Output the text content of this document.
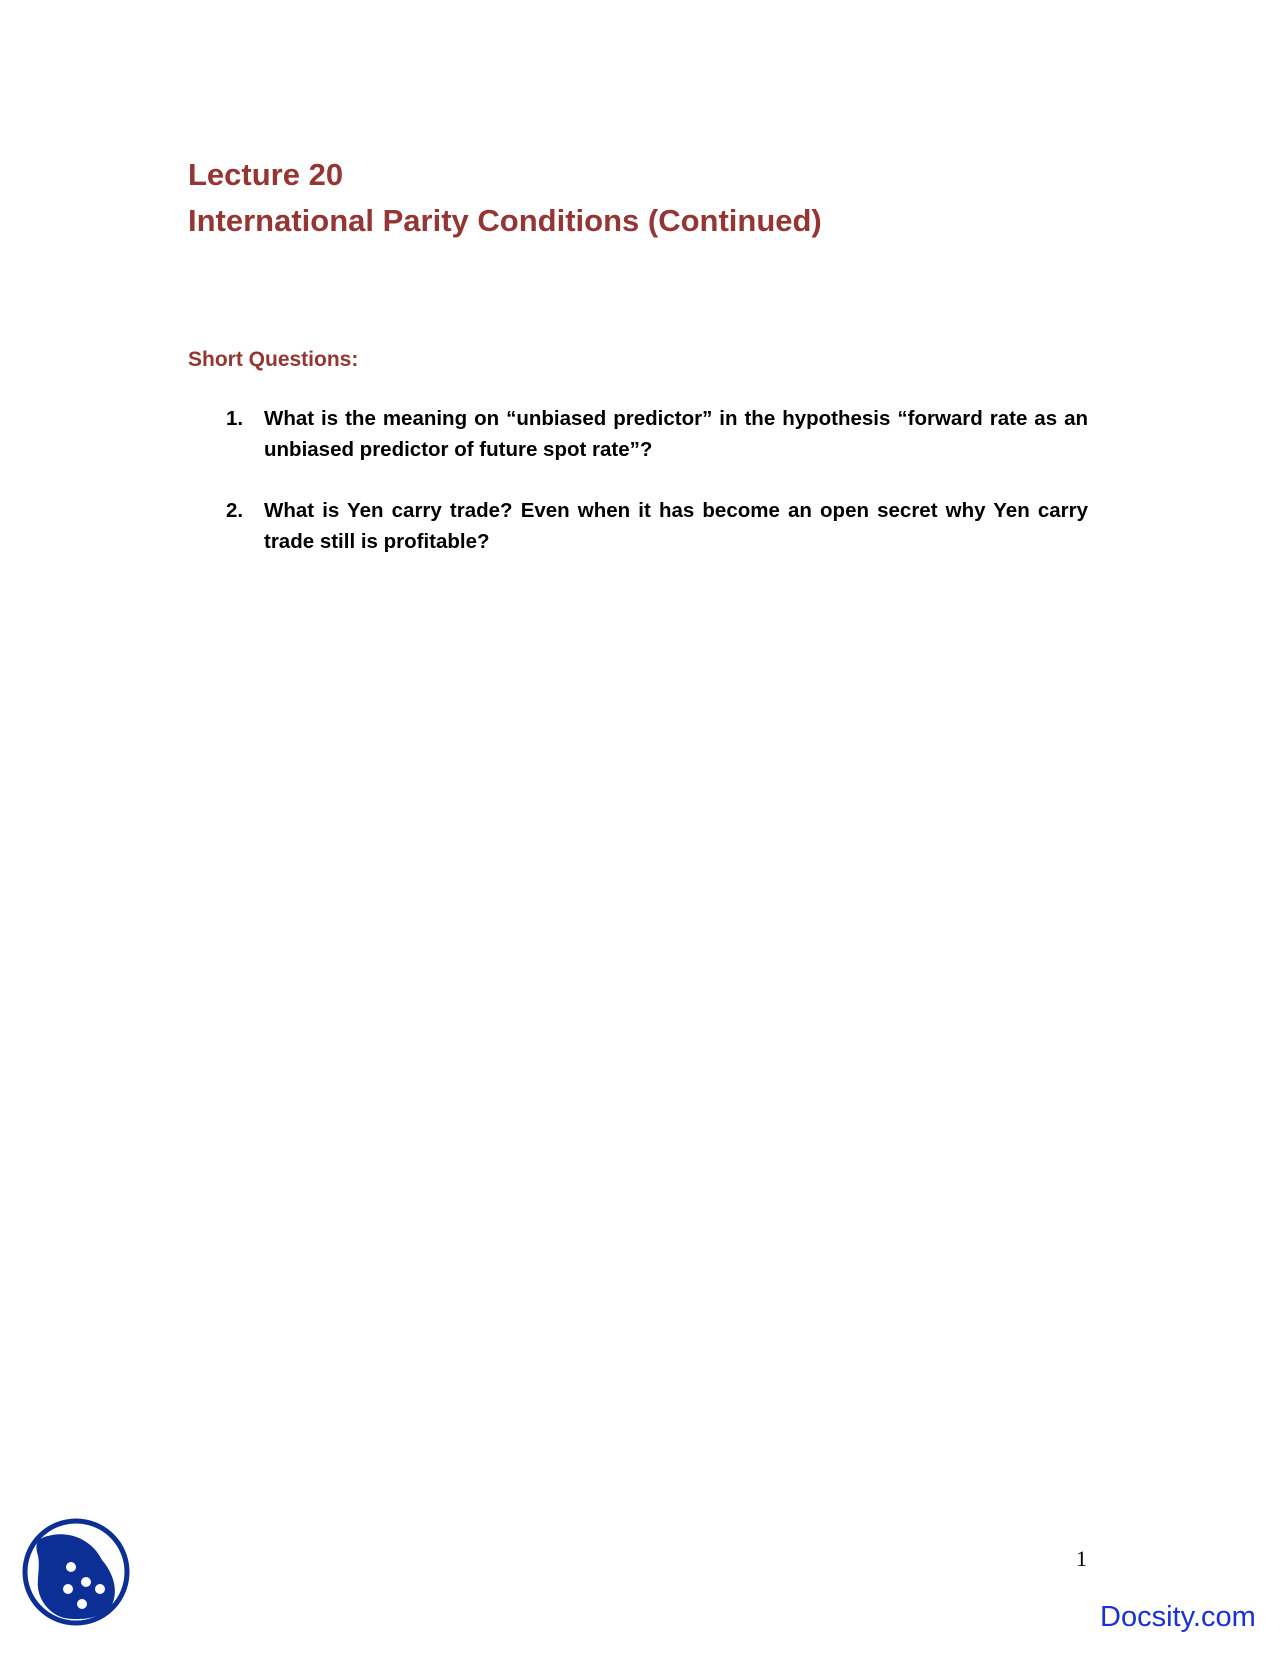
Lecture 20
International Parity Conditions (Continued)
Short Questions:
1. What is the meaning on “unbiased predictor” in the hypothesis “forward rate as an unbiased predictor of future spot rate”?
2. What is Yen carry trade? Even when it has become an open secret why Yen carry trade still is profitable?
1
Docsity.com
